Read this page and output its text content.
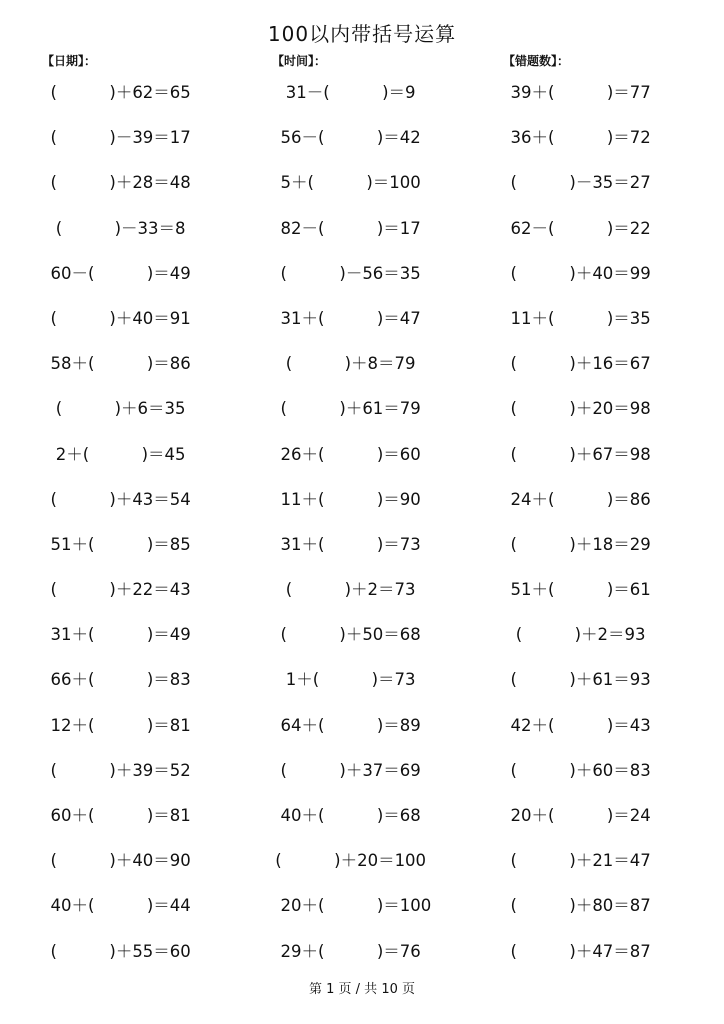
100以内带括号运算
【日期】：	【时间】：	【错题数】：
(          )＋62＝65
(          )－39＝17
(          )＋28＝48
(          )－33＝8
60－(          )＝49
(          )＋40＝91
58＋(          )＝86
(          )＋6＝35
2＋(          )＝45
(          )＋43＝54
51＋(          )＝85
(          )＋22＝43
31＋(          )＝49
66＋(          )＝83
12＋(          )＝81
(          )＋39＝52
60＋(          )＝81
(          )＋40＝90
40＋(          )＝44
(          )＋55＝60
31－(          )＝9
56－(          )＝42
5＋(          )＝100
82－(          )＝17
(          )－56＝35
31＋(          )＝47
(          )＋8＝79
(          )＋61＝79
26＋(          )＝60
11＋(          )＝90
31＋(          )＝73
(          )＋2＝73
(          )＋50＝68
1＋(          )＝73
64＋(          )＝89
(          )＋37＝69
40＋(          )＝68
(          )＋20＝100
20＋(          )＝100
29＋(          )＝76
39＋(          )＝77
36＋(          )＝72
(          )－35＝27
62－(          )＝22
(          )＋40＝99
11＋(          )＝35
(          )＋16＝67
(          )＋20＝98
(          )＋67＝98
24＋(          )＝86
(          )＋18＝29
51＋(          )＝61
(          )＋2＝93
(          )＋61＝93
42＋(          )＝43
(          )＋60＝83
20＋(          )＝24
(          )＋21＝47
(          )＋80＝87
(          )＋47＝87
第 1 页 / 共 10 页
